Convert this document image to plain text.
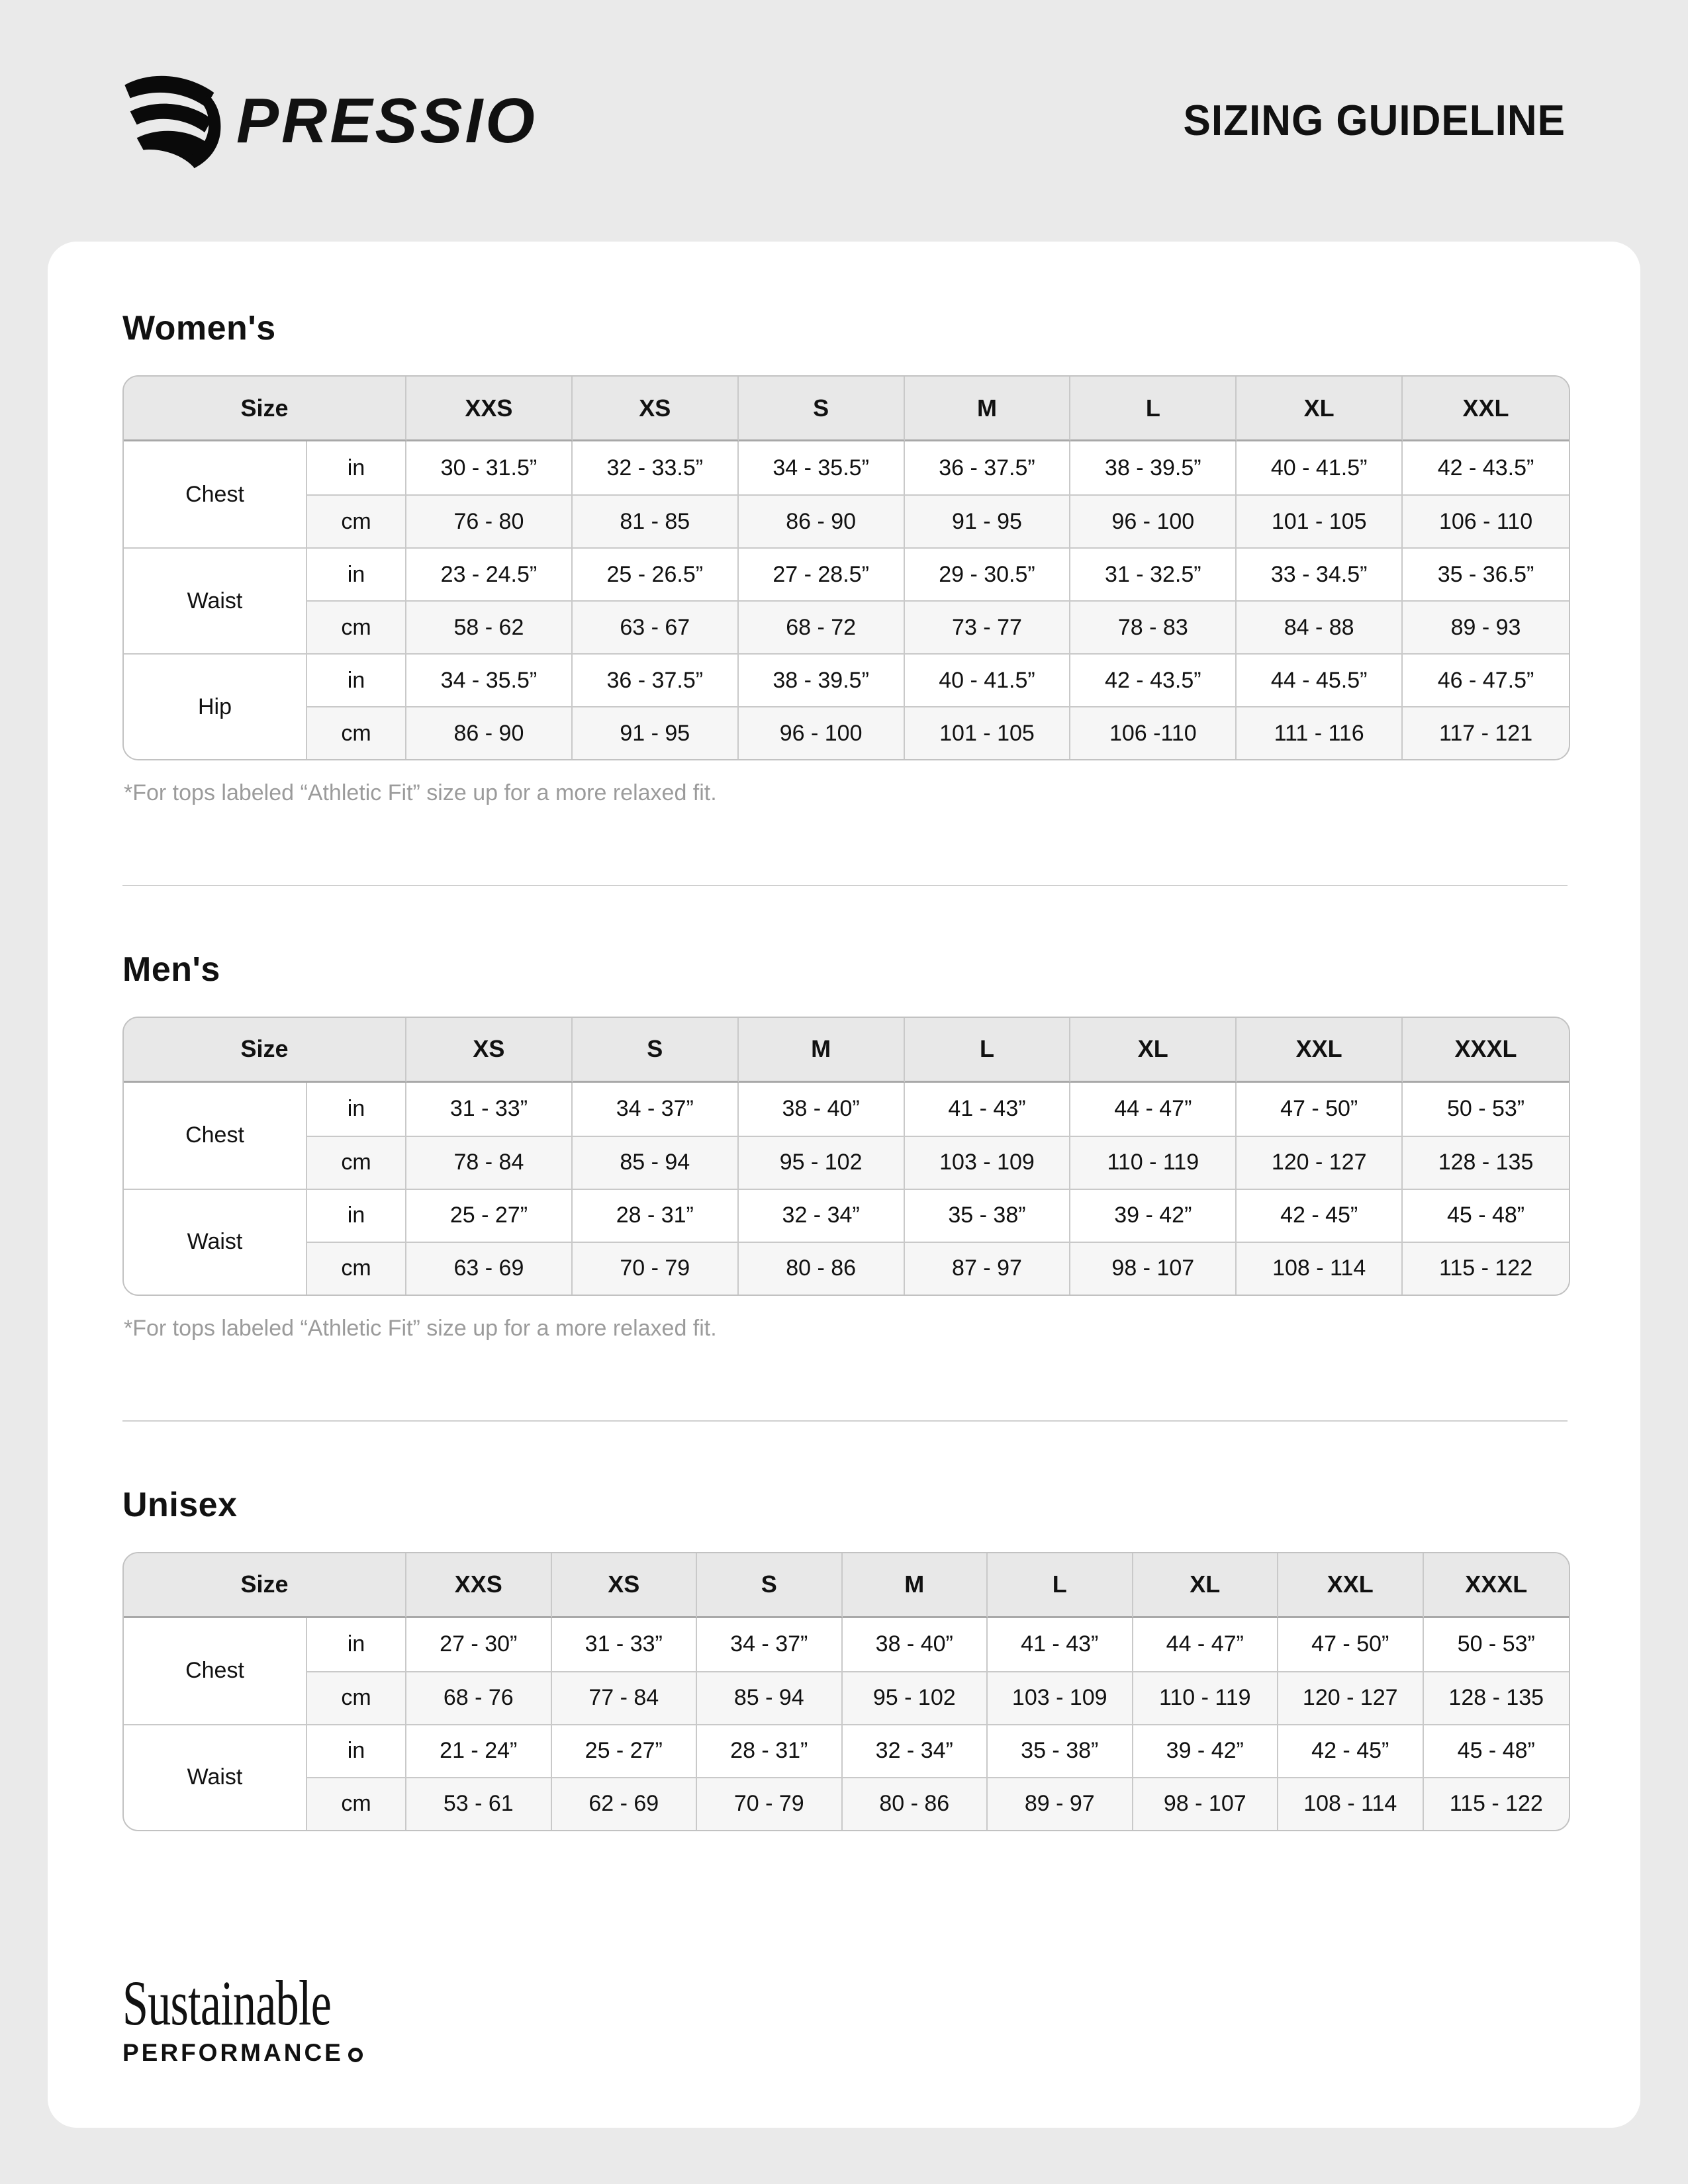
PRESSIO	SIZING GUIDELINE
Women's
Size		XXS	XS	S	M	L	XL	XXL
Chest	in	30 - 31.5”	32 - 33.5”	34 - 35.5”	36 - 37.5”	38 - 39.5”	40 - 41.5”	42 - 43.5”
	cm	76 - 80	81 - 85	86 - 90	91 - 95	96 - 100	101 - 105	106 - 110
Waist	in	23 - 24.5”	25 - 26.5”	27 - 28.5”	29 - 30.5”	31 - 32.5”	33 - 34.5”	35 - 36.5”
	cm	58 - 62	63 - 67	68 - 72	73 - 77	78 - 83	84 - 88	89 - 93
Hip	in	34 - 35.5”	36 - 37.5”	38 - 39.5”	40 - 41.5”	42 - 43.5”	44 - 45.5”	46 - 47.5”
	cm	86 - 90	91 - 95	96 - 100	101 - 105	106 -110	111 - 116	117 - 121

*For tops labeled “Athletic Fit” size up for a more relaxed fit.

Men's
Size		XS	S	M	L	XL	XXL	XXXL
Chest	in	31 - 33”	34 - 37”	38 - 40”	41 - 43”	44 - 47”	47 - 50”	50 - 53”
	cm	78 - 84	85 - 94	95 - 102	103 - 109	110 - 119	120 - 127	128 - 135
Waist	in	25 - 27”	28 - 31”	32 - 34”	35 - 38”	39 - 42”	42 - 45”	45 - 48”
	cm	63 - 69	70 - 79	80 - 86	87 - 97	98 - 107	108 - 114	115 - 122

*For tops labeled “Athletic Fit” size up for a more relaxed fit.

Unisex
Size		XXS	XS	S	M	L	XL	XXL	XXXL
Chest	in	27 - 30”	31 - 33”	34 - 37”	38 - 40”	41 - 43”	44 - 47”	47 - 50”	50 - 53”
	cm	68 - 76	77 - 84	85 - 94	95 - 102	103 - 109	110 - 119	120 - 127	128 - 135
Waist	in	21 - 24”	25 - 27”	28 - 31”	32 - 34”	35 - 38”	39 - 42”	42 - 45”	45 - 48”
	cm	53 - 61	62 - 69	70 - 79	80 - 86	89 - 97	98 - 107	108 - 114	115 - 122
Sustainable
PERFORMANCE
